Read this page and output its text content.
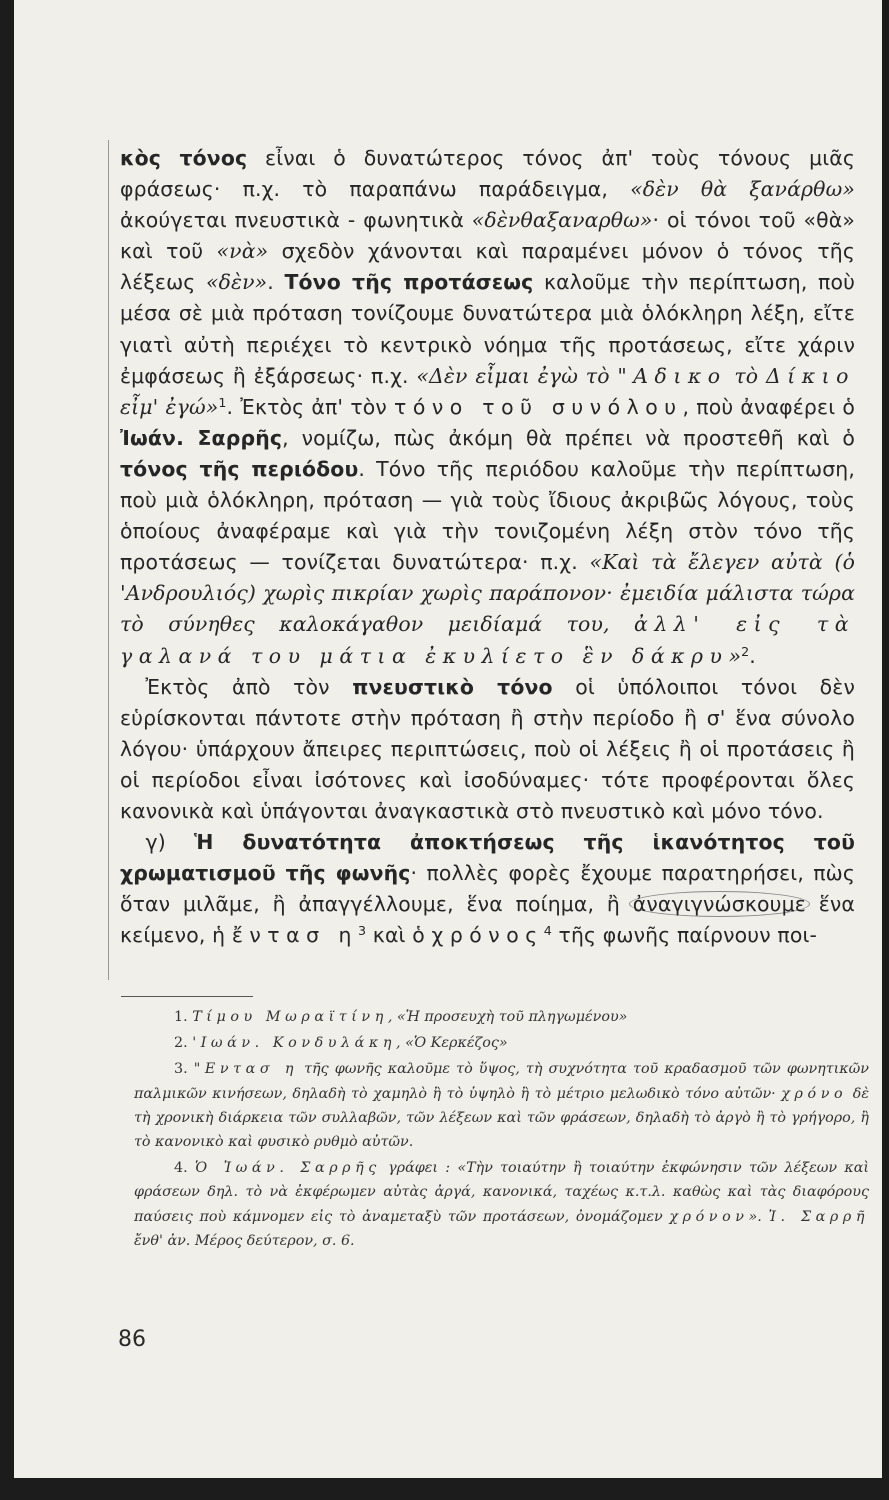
κὸς τόνος εἶναι ὁ δυνατώτερος τόνος ἀπ' τοὺς τόνους μιᾶς φράσεως· π.χ. τὸ παραπάνω παράδειγμα, «δὲν θὰ ξανάρθω» ἀκούγεται πνευστικὰ - φωνητικὰ «δὲνθαξαναρθω»· οἱ τόνοι τοῦ «θὰ» καὶ τοῦ «νὰ» σχεδὸν χάνονται καὶ παραμένει μόνον ὁ τόνος τῆς λέξεως «δὲν». Τόνο τῆς προτάσεως καλοῦμε τὴν περίπτωση, ποὺ μέσα σὲ μιὰ πρόταση τονίζουμε δυνατώτερα μιὰ ὁλόκληρη λέξη, εἴτε γιατὶ αὐτὴ περιέχει τὸ κεντρικὸ νόημα τῆς προτάσεως, εἴτε χάριν ἐμφάσεως ἢ ἐξάρσεως· π.χ. «Δὲν εἶμαι ἐγὼ τὸ "Αδικο τὸ Δίκιο εἶμ' ἐγώ»$^1$. Ἐκτὸς ἀπ' τὸν τόνο τοῦ συνόλου, ποὺ ἀναφέρει ὁ Ἰωάν. Σαρρῆς, νομίζω, πὼς ἀκόμη θὰ πρέπει νὰ προστεθῆ καὶ ὁ τόνος τῆς περιόδου. Τόνο τῆς περιόδου καλοῦμε τὴν περίπτωση, ποὺ μιὰ ὁλόκληρη, πρόταση — γιὰ τοὺς ἴδιους ἀκριβῶς λόγους, τοὺς ὁποίους ἀναφέραμε καὶ γιὰ τὴν τονιζομένη λέξη στὸν τόνο τῆς προτάσεως — τονίζεται δυνατώτερα· π.χ. «Καὶ τὰ ἔλεγεν αὐτὰ (ὁ 'Ανδρουλιός) χωρὶς πικρίαν χωρὶς παράπονον· ἐμειδία μάλιστα τώρα τὸ σύνηθες καλοκάγαθον μειδίαμά του, ἀλλ' εἰς τὰ γαλανά του μάτια ἐκυλίετο ἓν δάκρυ»$^2$.

Ἐκτὸς ἀπὸ τὸν πνευστικὸ τόνο οἱ ὑπόλοιποι τόνοι δὲν εὑρίσκονται πάντοτε στὴν πρόταση ἢ στὴν περίοδο ἢ σ' ἕνα σύνολο λόγου· ὑπάρχουν ἄπειρες περιπτώσεις, ποὺ οἱ λέξεις ἢ οἱ προτάσεις ἢ οἱ περίοδοι εἶναι ἰσότονες καὶ ἰσοδύναμες· τότε προφέρονται ὅλες κανονικὰ καὶ ὑπάγονται ἀναγκαστικὰ στὸ πνευστικὸ καὶ μόνο τόνο.

γ) Ἡ δυνατότητα ἀποκτήσεως τῆς ἱκανότητος τοῦ χρωματισμοῦ τῆς φωνῆς· πολλὲς φορὲς ἔχουμε παρατηρήσει, πὼς ὅταν μιλᾶμε, ἢ ἀπαγγέλλουμε, ἕνα ποίημα, ἢ ἀναγιγνώσκουμε ἕνα κείμενο, ἡ ἔντασ $\eta^3$ καὶ ὁ χρόνος$^4$ τῆς φωνῆς παίρνουν ποι-

1. Τίμου Μωραϊτίνη, «Ἡ προσευχὴ τοῦ πληγωμένου»

2. 'Ιωάν. Κονδυλάκη, «Ὁ Κερκέζος»

3. "Εντασ η τῆς φωνῆς καλοῦμε τὸ ὕψος, τὴ συχνότητα τοῦ κραδασμοῦ τῶν φωνητικῶν παλμικῶν κινήσεων, δηλαδὴ τὸ χαμηλὸ ἢ τὸ ὑψηλὸ ἢ τὸ μέτριο μελωδικὸ τόνο αὐτῶν· χρόνο δὲ τὴ χρονικὴ διάρκεια τῶν συλλαβῶν, τῶν λέξεων καὶ τῶν φράσεων, δηλαδὴ τὸ ἀργὸ ἢ τὸ γρήγορο, ἢ τὸ κανονικὸ καὶ φυσικὸ ρυθμὸ αὐτῶν.

4. Ὁ Ἰωάν. Σαρρῆς γράφει : «Τὴν τοιαύτην ἢ τοιαύτην ἐκφώνησιν τῶν λέξεων καὶ φράσεων δηλ. τὸ νὰ ἐκφέρωμεν αὐτὰς ἀργά, κανονικά, ταχέως κ.τ.λ. καθὼς καὶ τὰς διαφόρους παύσεις ποὺ κάμνομεν εἰς τὸ ἀναμεταξὺ τῶν προτάσεων, ὀνομάζομεν χρόνον». Ἰ. Σαρρῆ ἔνθ' ἀν. Μέρος δεύτερον, σ. 6.

86
